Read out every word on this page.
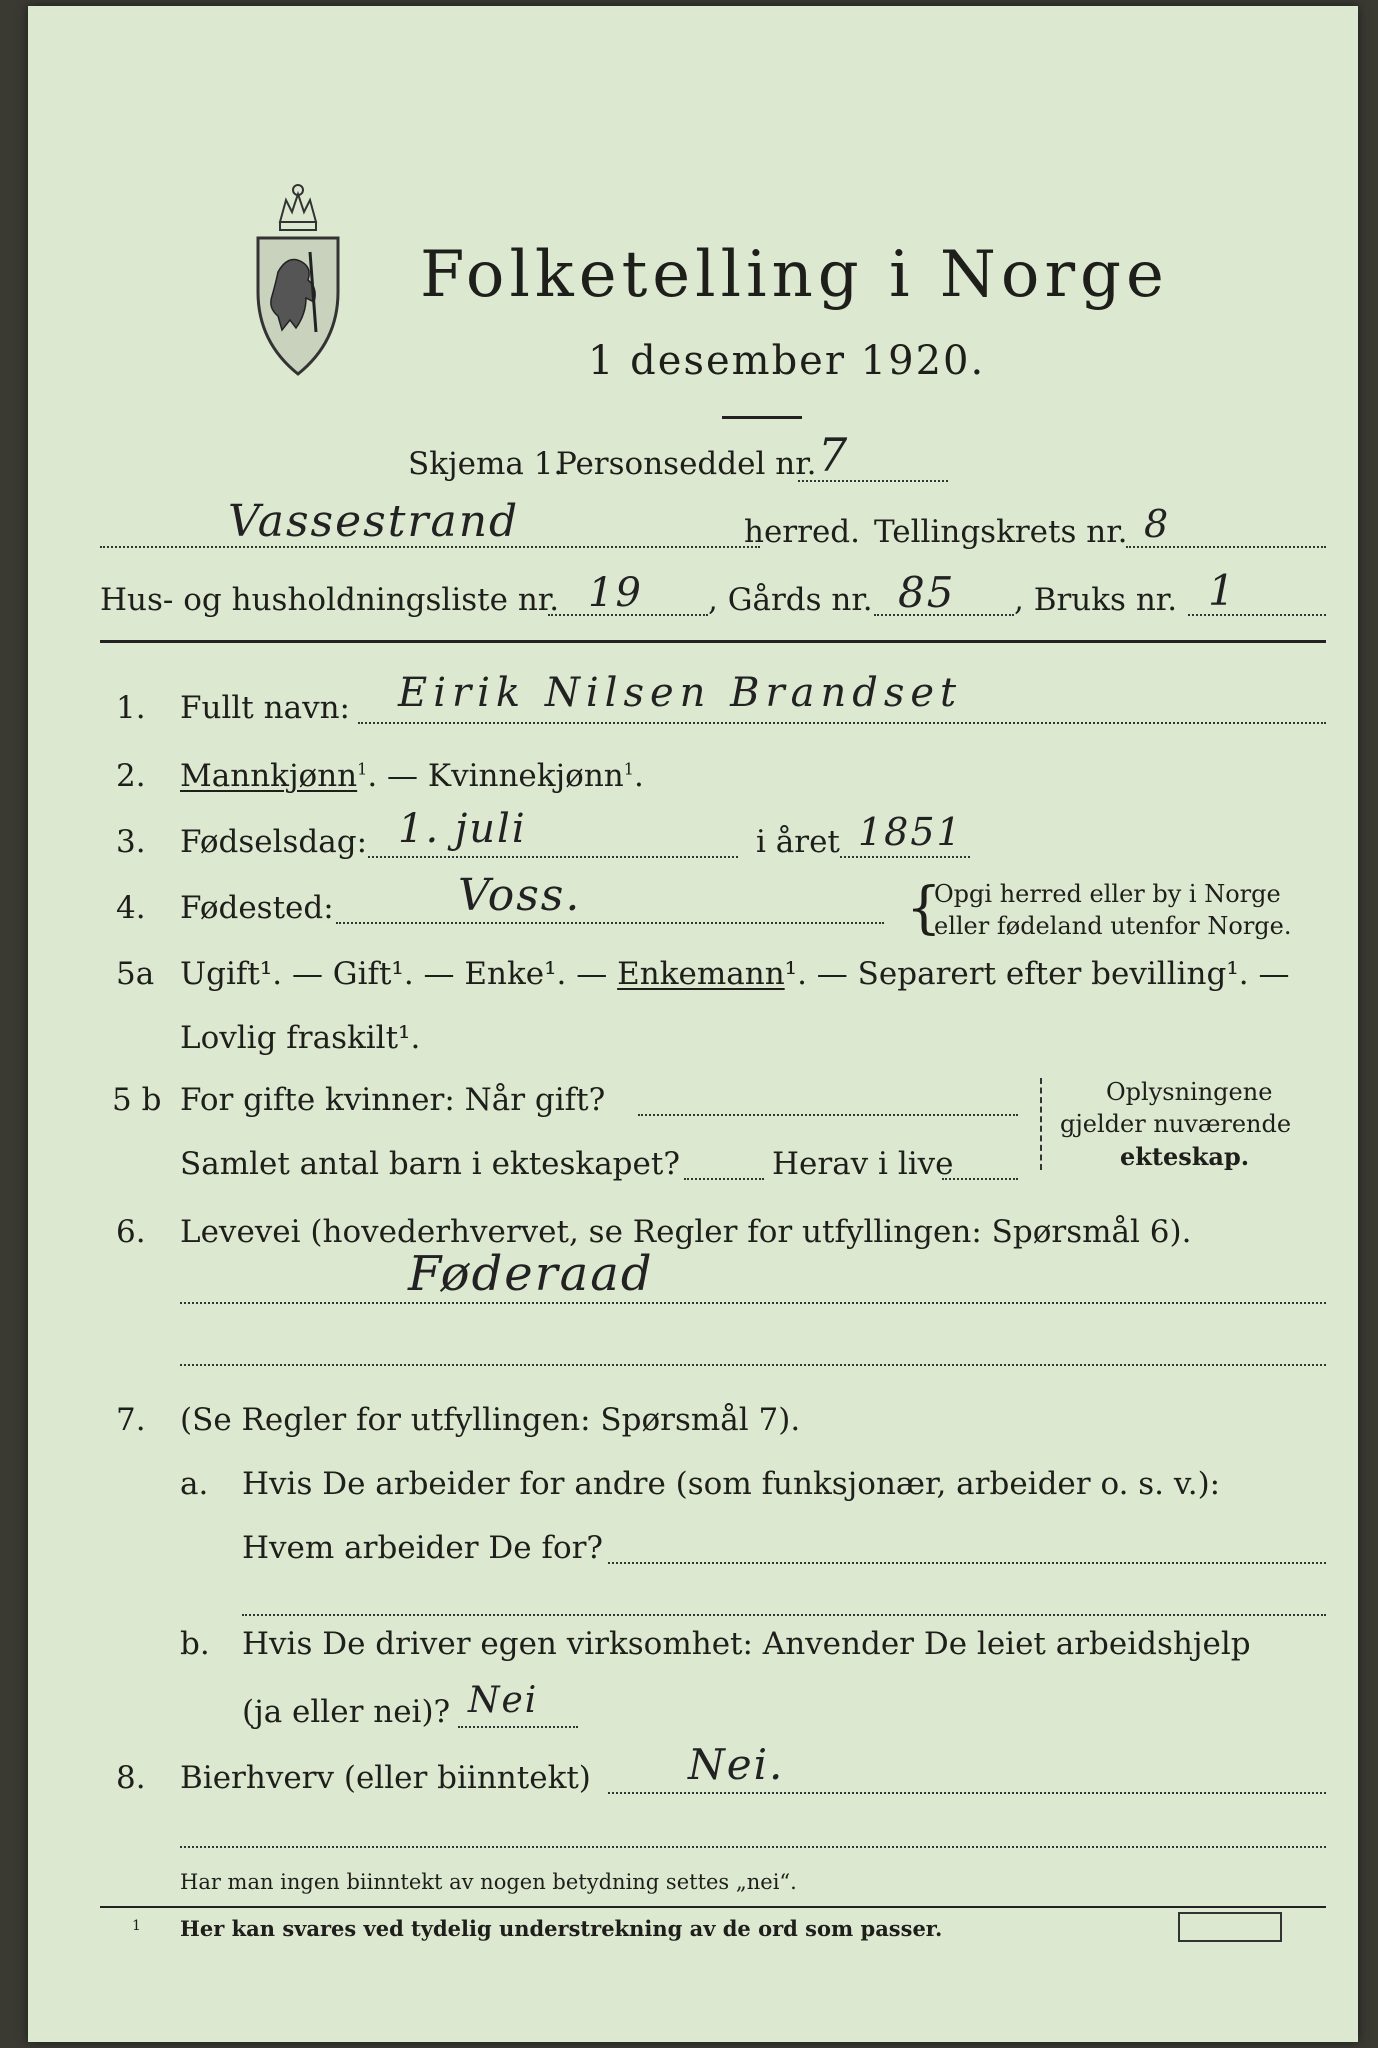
Folketelling i Norge
1 desember 1920.
Skjema 1.
Personseddel nr. 7
Vassestrand	herred. Tellingskrets nr. 8
Hus- og husholdningsliste nr. 19 , Gårds nr. 85 , Bruks nr. 1
1. Fullt navn: Eirik Nilsen Brandset
2. Mannkjønn$^1$. — Kvinnekjønn$^1$.
3. Fødselsdag: 1. juli	i året 1851
4. Fødested:	Voss.	{
Opgi herred eller by i Norge
eller fødeland utenfor Norge.
5a Ugift¹. — Gift¹. — Enke¹. — Enkemann¹. — Separert efter bevilling¹. —
Lovlig fraskilt¹.
5 b For gifte kvinner: Når gift?
Samlet antal barn i ekteskapet?	Herav i live
Oplysningene
gjelder nuværende
ekteskap.
6. Levevei (hovederhvervet, se Regler for utfyllingen: Spørsmål 6).
Føderaad
7. (Se Regler for utfyllingen: Spørsmål 7).
a. Hvis De arbeider for andre (som funksjonær, arbeider o. s. v.):
Hvem arbeider De for?
b. Hvis De driver egen virksomhet: Anvender De leiet arbeidshjelp
(ja eller nei)? Nei
8. Bierhverv (eller biinntekt) Nei.
Har man ingen biinntekt av nogen betydning settes „nei“.
1 Her kan svares ved tydelig understrekning av de ord som passer.
